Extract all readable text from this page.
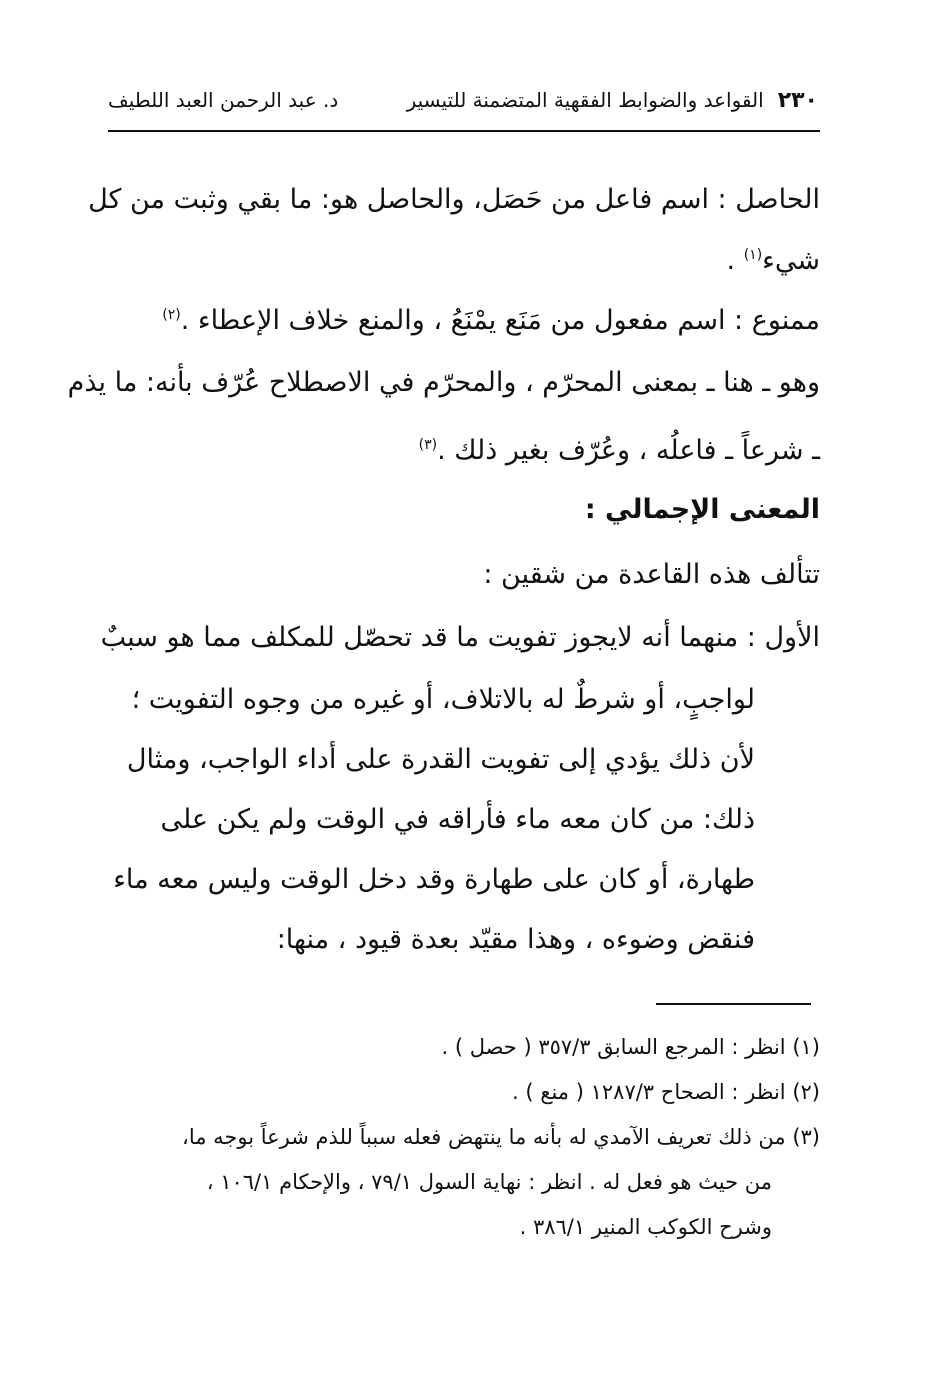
٢٣٠
القواعد والضوابط الفقهية المتضمنة للتيسير
د. عبد الرحمن العبد اللطيف
الحاصل : اسم فاعل من حَصَل، والحاصل هو: ما بقي وثبت من كل
شيء$^{(١)}$ .
ممنوع : اسم مفعول من مَنَع يمْنَعُ ، والمنع خلاف الإعطاء .$^{(٢)}$
وهو ـ هنا ـ بمعنى المحرّم ، والمحرّم في الاصطلاح عُرّف بأنه: ما يذم
ـ شرعاً ـ فاعلُه ، وعُرّف بغير ذلك .$^{(٣)}$
المعنى الإجمالي :
تتألف هذه القاعدة من شقين :
الأول : منهما أنه لايجوز تفويت ما قد تحصّل للمكلف مما هو سببٌ
لواجبٍ، أو شرطٌ له بالاتلاف، أو غيره من وجوه التفويت ؛
لأن ذلك يؤدي إلى تفويت القدرة على أداء الواجب، ومثال
ذلك: من كان معه ماء فأراقه في الوقت ولم يكن على
طهارة، أو كان على طهارة وقد دخل الوقت وليس معه ماء
فنقض وضوءه ، وهذا مقيّد بعدة قيود ، منها:
(١) انظر : المرجع السابق ٣٥٧/٣ ( حصل ) .
(٢) انظر : الصحاح ١٢٨٧/٣ ( منع ) .
(٣) من ذلك تعريف الآمدي له بأنه ما ينتهض فعله سبباً للذم شرعاً بوجه ما،
من حيث هو فعل له . انظر : نهاية السول ٧٩/١ ، والإحكام ١٠٦/١ ،
وشرح الكوكب المنير ٣٨٦/١ .
